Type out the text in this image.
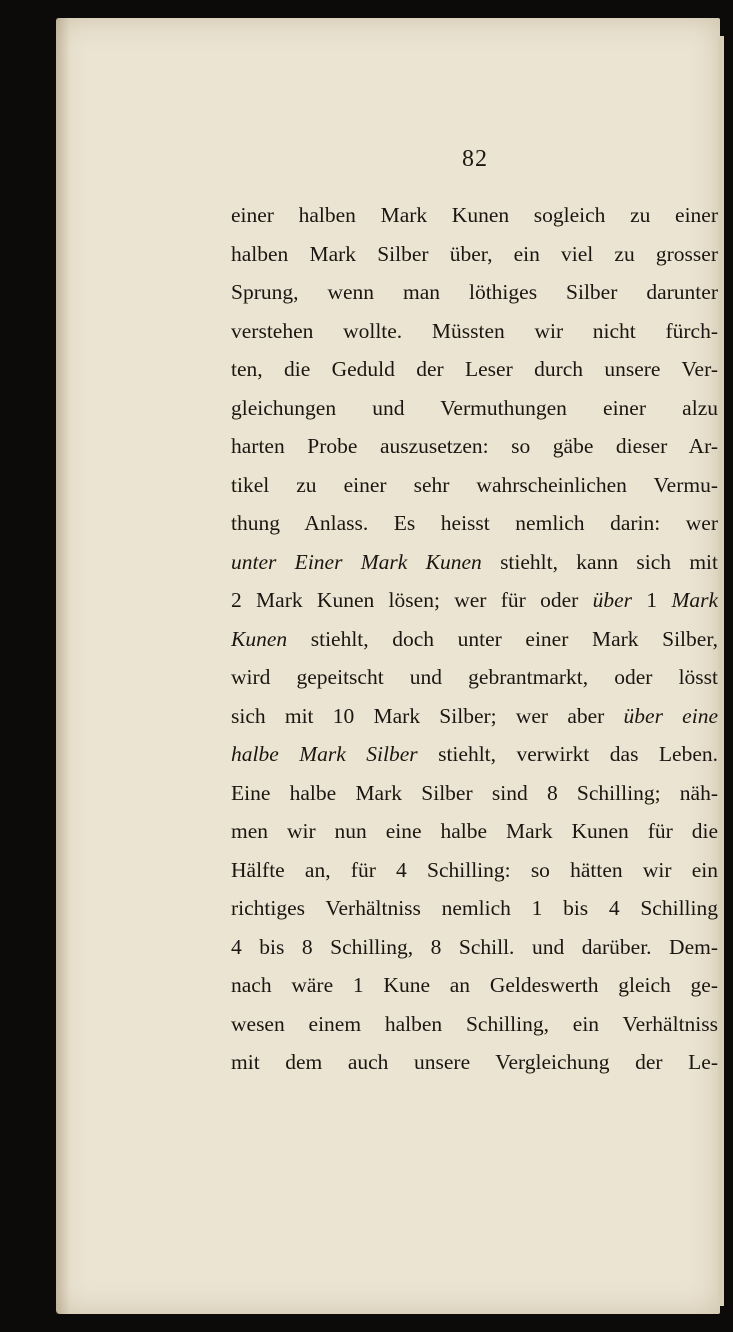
82
einer halben Mark Kunen sogleich zu einer
halben Mark Silber über, ein viel zu grosser
Sprung, wenn man löthiges Silber darunter
verstehen wollte. Müssten wir nicht fürch-
ten, die Geduld der Leser durch unsere Ver-
gleichungen und Vermuthungen einer alzu
harten Probe auszusetzen: so gäbe dieser Ar-
tikel zu einer sehr wahrscheinlichen Vermu-
thung Anlass. Es heisst nemlich darin: wer
unter Einer Mark Kunen stiehlt, kann sich mit
2 Mark Kunen lösen; wer für oder über 1 Mark
Kunen stiehlt, doch unter einer Mark Silber,
wird gepeitscht und gebrantmarkt, oder lösst
sich mit 10 Mark Silber; wer aber über eine
halbe Mark Silber stiehlt, verwirkt das Leben.
Eine halbe Mark Silber sind 8 Schilling; näh-
men wir nun eine halbe Mark Kunen für die
Hälfte an, für 4 Schilling: so hätten wir ein
richtiges Verhältniss nemlich 1 bis 4 Schilling
4 bis 8 Schilling, 8 Schill. und darüber. Dem-
nach wäre 1 Kune an Geldeswerth gleich ge-
wesen einem halben Schilling, ein Verhältniss
mit dem auch unsere Vergleichung der Le-
